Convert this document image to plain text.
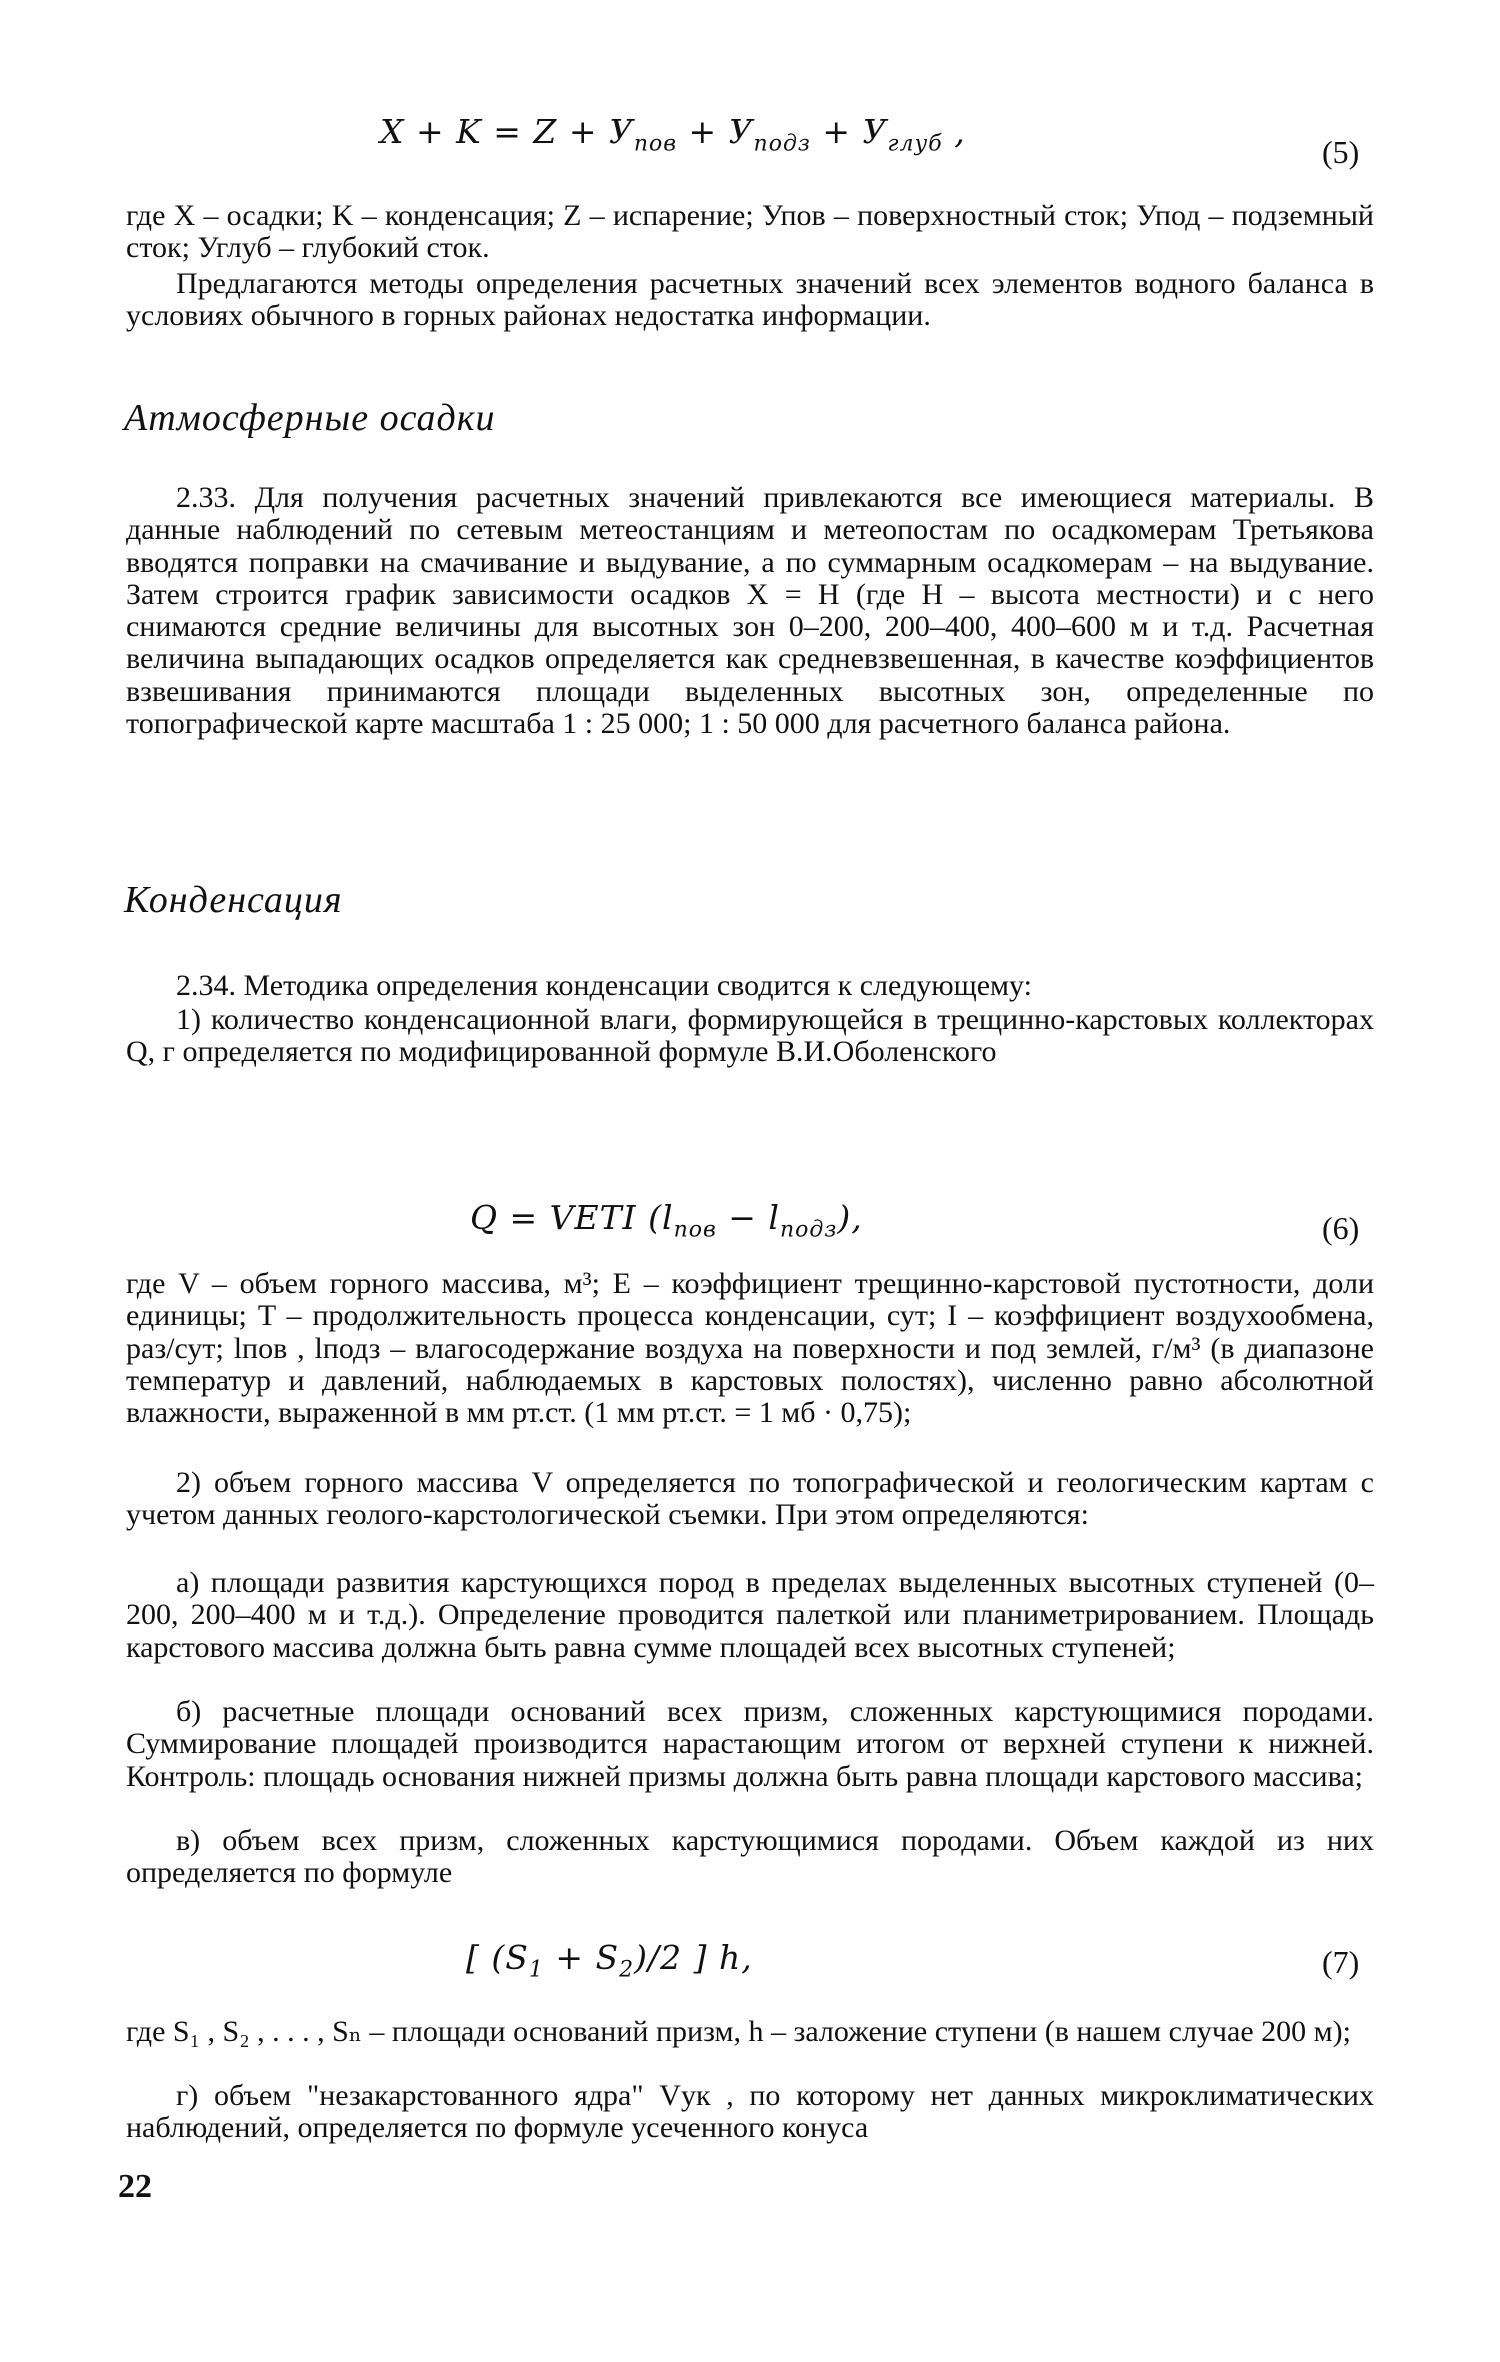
$X + K = Z + У_{пов} + У_{подз} + У_{глуб}$ ,
(5)

где X – осадки; K – конденсация; Z – испарение; Упов – поверхностный сток; Упод – подземный сток; Углуб – глубокий сток.

Предлагаются методы определения расчетных значений всех элементов водного баланса в условиях обычного в горных районах недостатка информации.

Атмосферные осадки

2.33. Для получения расчетных значений привлекаются все имеющиеся материалы. В данные наблюдений по сетевым метеостанциям и метеопостам по осадкомерам Третьякова вводятся поправки на смачивание и выдувание, а по суммарным осадкомерам – на выдувание. Затем строится график зависимости осадков X = H (где H – высота местности) и с него снимаются средние величины для высотных зон 0–200, 200–400, 400–600 м и т.д. Расчетная величина выпадающих осадков определяется как средневзвешенная, в качестве коэффициентов взвешивания принимаются площади выделенных высотных зон, определенные по топографической карте масштаба 1 : 25 000; 1 : 50 000 для расчетного баланса района.

Конденсация

2.34. Методика определения конденсации сводится к следующему:

1) количество конденсационной влаги, формирующейся в трещинно-карстовых коллекторах Q, г определяется по модифицированной формуле В.И.Оболенского

Q = VETI $(l_{пов} - l_{подз})$,	(6)

где V – объем горного массива, м³; E – коэффициент трещинно-карстовой пустотности, доли единицы; T – продолжительность процесса конденсации, сут; I – коэффициент воздухообмена, раз/сут; lпов , lподз – влагосодержание воздуха на поверхности и под землей, г/м³ (в диапазоне температур и давлений, наблюдаемых в карстовых полостях), численно равно абсолютной влажности, выраженной в мм рт.ст. (1 мм рт.ст. = 1 мб · 0,75);

2) объем горного массива V определяется по топографической и геологическим картам с учетом данных геолого-карстологической съемки. При этом определяются:

а) площади развития карстующихся пород в пределах выделенных высотных ступеней (0–200, 200–400 м и т.д.). Определение проводится палеткой или планиметрированием. Площадь карстового массива должна быть равна сумме площадей всех высотных ступеней;

б) расчетные площади оснований всех призм, сложенных карстующимися породами. Суммирование площадей производится нарастающим итогом от верхней ступени к нижней. Контроль: площадь основания нижней призмы должна быть равна площади карстового массива;

в) объем всех призм, сложенных карстующимися породами. Объем каждой из них определяется по формуле

[ $(S_1 + S_2)/2$ ] h,	(7)

где S₁ , S₂ , . . . , Sₙ – площади оснований призм, h – заложение ступени (в нашем случае 200 м);

г) объем "незакарстованного ядра" Vук , по которому нет данных микроклиматических наблюдений, определяется по формуле усеченного конуса

22
